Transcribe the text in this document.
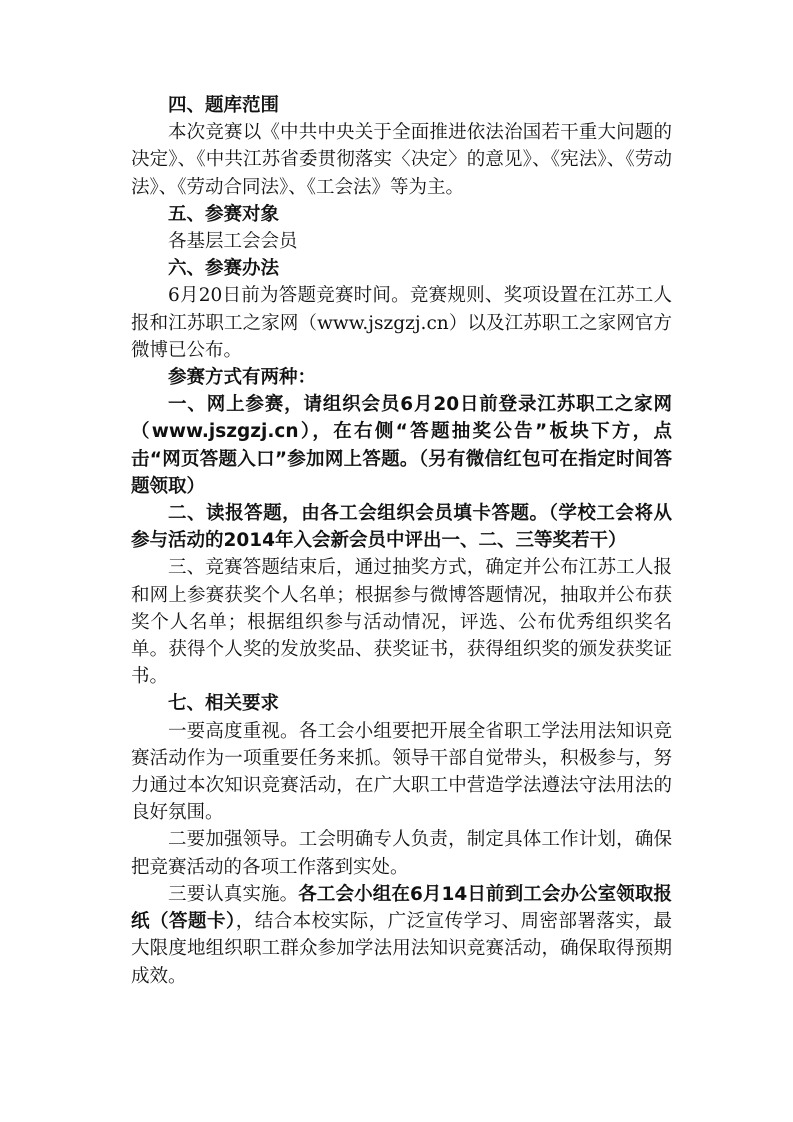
四、题库范围

本次竞赛以《中共中央关于全面推进依法治国若干重大问题的决定》、《中共江苏省委贯彻落实〈决定〉的意见》、《宪法》、《劳动法》、《劳动合同法》、《工会法》等为主。

五、参赛对象

各基层工会会员

六、参赛办法

6月20日前为答题竞赛时间。竞赛规则、奖项设置在江苏工人报和江苏职工之家网（www.jszgzj.cn）以及江苏职工之家网官方微博已公布。

参赛方式有两种：

一、网上参赛，请组织会员6月20日前登录江苏职工之家网（www.jszgzj.cn），在右侧“答题抽奖公告”板块下方，点击“网页答题入口”参加网上答题。（另有微信红包可在指定时间答题领取）

二、读报答题，由各工会组织会员填卡答题。（学校工会将从参与活动的2014年入会新会员中评出一、二、三等奖若干）

三、竞赛答题结束后，通过抽奖方式，确定并公布江苏工人报和网上参赛获奖个人名单；根据参与微博答题情况，抽取并公布获奖个人名单；根据组织参与活动情况，评选、公布优秀组织奖名单。获得个人奖的发放奖品、获奖证书，获得组织奖的颁发获奖证书。

七、相关要求

一要高度重视。各工会小组要把开展全省职工学法用法知识竞赛活动作为一项重要任务来抓。领导干部自觉带头，积极参与，努力通过本次知识竞赛活动，在广大职工中营造学法遵法守法用法的良好氛围。

二要加强领导。工会明确专人负责，制定具体工作计划，确保把竞赛活动的各项工作落到实处。

三要认真实施。各工会小组在6月14日前到工会办公室领取报纸（答题卡），结合本校实际，广泛宣传学习、周密部署落实，最大限度地组织职工群众参加学法用法知识竞赛活动，确保取得预期成效。
